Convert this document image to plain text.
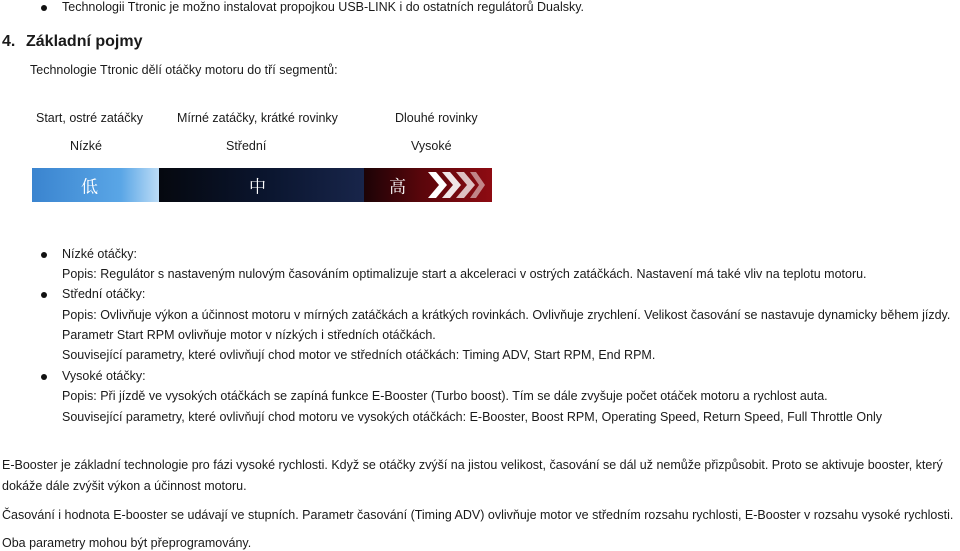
Technologii Ttronic je možno instalovat propojkou USB-LINK i do ostatních regulátorů Dualsky.
4. Základní pojmy
Technologie Ttronic dělí otáčky motoru do tří segmentů:
Start, ostré zatáčky	Mírné zatáčky, krátké rovinky	Dlouhé rovinky
Nízké	Střední	Vysoké
低	中	高
Nízké otáčky:
Popis: Regulátor s nastaveným nulovým časováním optimalizuje start a akceleraci v ostrých zatáčkách. Nastavení má také vliv na teplotu motoru.
Střední otáčky:
Popis: Ovlivňuje výkon a účinnost motoru v mírných zatáčkách a krátkých rovinkách. Ovlivňuje zrychlení. Velikost časování se nastavuje dynamicky během jízdy.
Parametr Start RPM ovlivňuje motor v nízkých i středních otáčkách.
Související parametry, které ovlivňují chod motor ve středních otáčkách: Timing ADV, Start RPM, End RPM.
Vysoké otáčky:
Popis: Při jízdě ve vysokých otáčkách se zapíná funkce E-Booster (Turbo boost). Tím se dále zvyšuje počet otáček motoru a rychlost auta.
Související parametry, které ovlivňují chod motoru ve vysokých otáčkách: E-Booster, Boost RPM, Operating Speed, Return Speed, Full Throttle Only
E-Booster je základní technologie pro fázi vysoké rychlosti. Když se otáčky zvýší na jistou velikost, časování se dál už nemůže přizpůsobit. Proto se aktivuje booster, který
dokáže dále zvýšit výkon a účinnost motoru.
Časování i hodnota E-booster se udávají ve stupních. Parametr časování (Timing ADV) ovlivňuje motor ve středním rozsahu rychlosti, E-Booster v rozsahu vysoké rychlosti.
Oba parametry mohou být přeprogramovány.
